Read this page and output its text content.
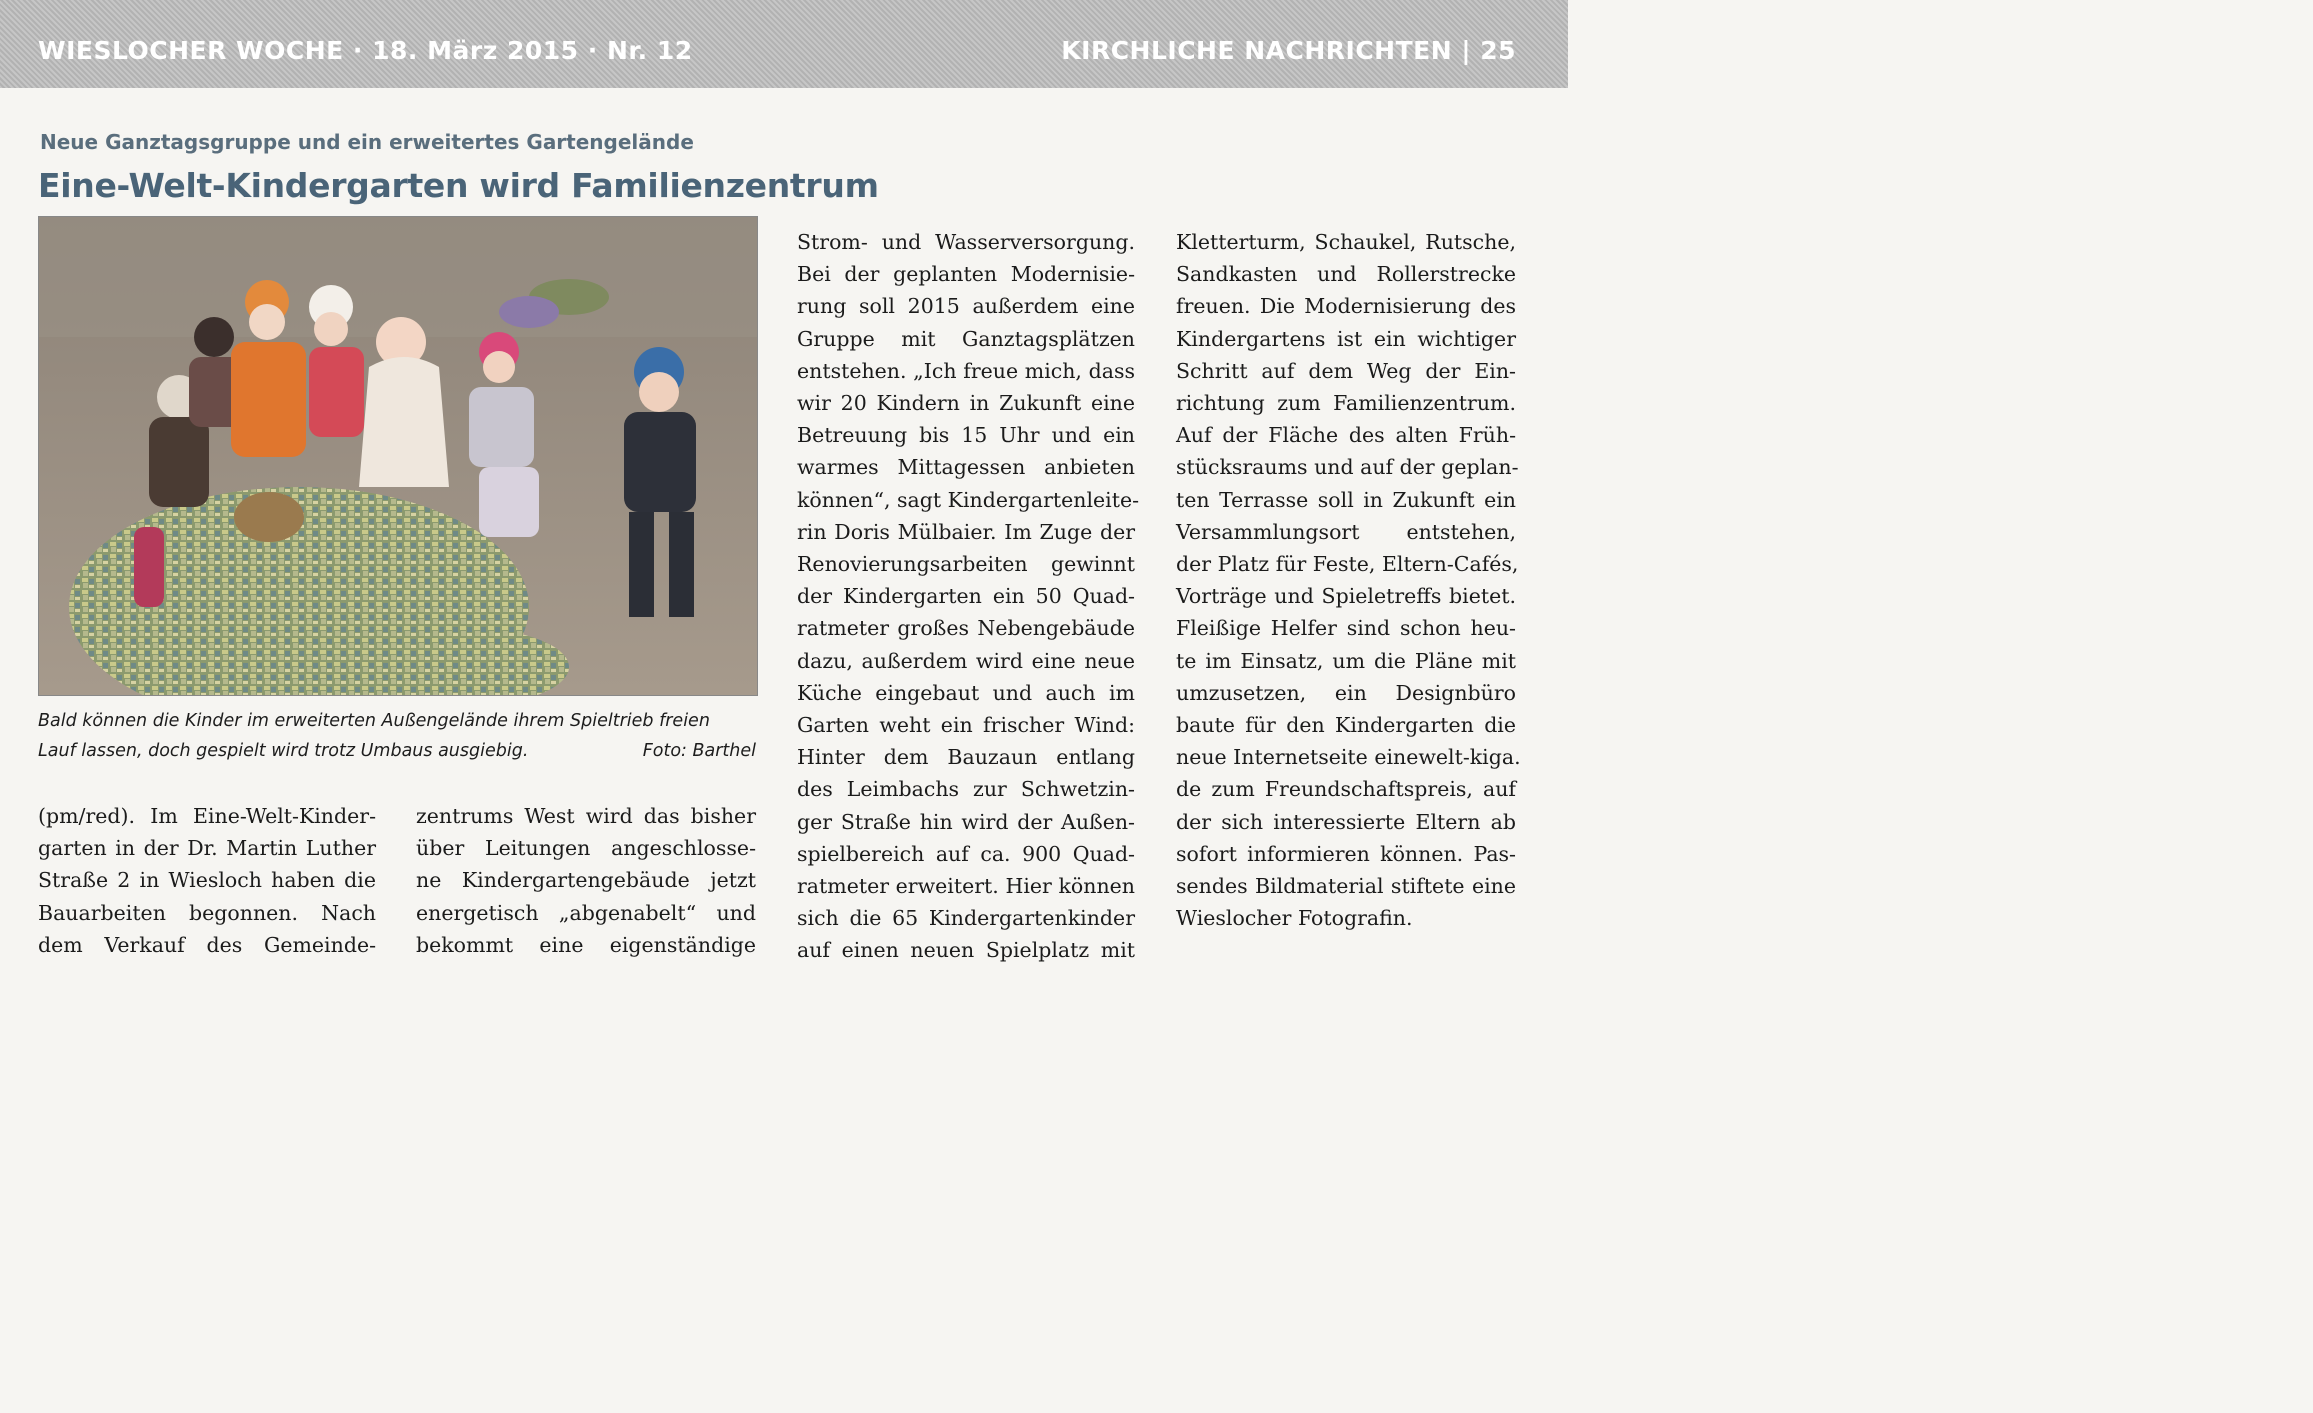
WIESLOCHER WOCHE · 18. März 2015 · Nr. 12	KIRCHLICHE NACHRICHTEN | 25
Neue Ganztagsgruppe und ein erweitertes Gartengelände
Eine-Welt-Kindergarten wird Familienzentrum
Bald können die Kinder im erweiterten Außengelände ihrem Spieltrieb freien
Lauf lassen, doch gespielt wird trotz Umbaus ausgiebig.	Foto: Barthel
(pm/red). Im Eine-Welt-Kinder-
garten in der Dr. Martin Luther
Straße 2 in Wiesloch haben die
Bauarbeiten begonnen. Nach
dem Verkauf des Gemeinde-
zentrums West wird das bisher
über Leitungen angeschlosse-
ne Kindergartengebäude jetzt
energetisch „abgenabelt“ und
bekommt eine eigenständige
Strom- und Wasserversorgung.
Bei der geplanten Modernisie-
rung soll 2015 außerdem eine
Gruppe mit Ganztagsplätzen
entstehen. „Ich freue mich, dass
wir 20 Kindern in Zukunft eine
Betreuung bis 15 Uhr und ein
warmes Mittagessen anbieten
können“, sagt Kindergartenleite-
rin Doris Mülbaier. Im Zuge der
Renovierungsarbeiten gewinnt
der Kindergarten ein 50 Quad-
ratmeter großes Nebengebäude
dazu, außerdem wird eine neue
Küche eingebaut und auch im
Garten weht ein frischer Wind:
Hinter dem Bauzaun entlang
des Leimbachs zur Schwetzin-
ger Straße hin wird der Außen-
spielbereich auf ca. 900 Quad-
ratmeter erweitert. Hier können
sich die 65 Kindergartenkinder
auf einen neuen Spielplatz mit
Kletterturm, Schaukel, Rutsche,
Sandkasten und Rollerstrecke
freuen. Die Modernisierung des
Kindergartens ist ein wichtiger
Schritt auf dem Weg der Ein-
richtung zum Familienzentrum.
Auf der Fläche des alten Früh-
stücksraums und auf der geplan-
ten Terrasse soll in Zukunft ein
Versammlungsort entstehen,
der Platz für Feste, Eltern-Cafés,
Vorträge und Spieletreffs bietet.
Fleißige Helfer sind schon heu-
te im Einsatz, um die Pläne mit
umzusetzen, ein Designbüro
baute für den Kindergarten die
neue Internetseite einewelt-kiga.
de zum Freundschaftspreis, auf
der sich interessierte Eltern ab
sofort informieren können. Pas-
sendes Bildmaterial stiftete eine
Wieslocher Fotografin.
